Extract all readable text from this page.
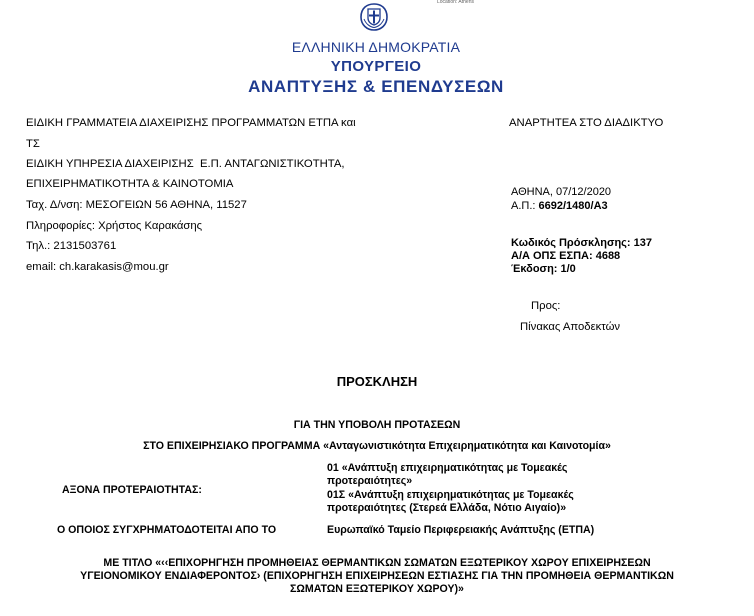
Location: Athens
ΕΛΛΗΝΙΚΗ ΔΗΜΟΚΡΑΤΙΑ
ΥΠΟΥΡΓΕΙΟ
ΑΝΑΠΤΥΞΗΣ & ΕΠΕΝΔΥΣΕΩΝ
ΕΙΔΙΚΗ ΓΡΑΜΜΑΤΕΙΑ ΔΙΑΧΕΙΡΙΣΗΣ ΠΡΟΓΡΑΜΜΑΤΩΝ ΕΤΠΑ και
ΤΣ
ΕΙΔΙΚΗ ΥΠΗΡΕΣΙΑ ΔΙΑΧΕΙΡΙΣΗΣ  Ε.Π. ΑΝΤΑΓΩΝΙΣΤΙΚΟΤΗΤΑ,
ΕΠΙΧΕΙΡΗΜΑΤΙΚΟΤΗΤΑ & ΚΑΙΝΟΤΟΜΙΑ
Ταχ. Δ/νση: ΜΕΣΟΓΕΙΩΝ 56 ΑΘΗΝΑ, 11527
Πληροφορίες: Χρήστος Καρακάσης
Τηλ.: 2131503761
email: ch.karakasis@mou.gr
ΑΝΑΡΤΗΤΕΑ ΣΤΟ ΔΙΑΔΙΚΤΥΟ
ΑΘΗΝΑ, 07/12/2020
Α.Π.: 6692/1480/Α3
Κωδικός Πρόσκλησης: 137
Α/Α ΟΠΣ ΕΣΠΑ: 4688
Έκδοση: 1/0
Προς:
Πίνακας Αποδεκτών
ΠΡΟΣΚΛΗΣΗ
ΓΙΑ ΤΗΝ ΥΠΟΒΟΛΗ ΠΡΟΤΑΣΕΩΝ
ΣΤΟ ΕΠΙΧΕΙΡΗΣΙΑΚΟ ΠΡΟΓΡΑΜΜΑ «Ανταγωνιστικότητα Επιχειρηματικότητα και Καινοτομία»
ΑΞΟΝΑ ΠΡΟΤΕΡΑΙΟΤΗΤΑΣ:
01 «Ανάπτυξη επιχειρηματικότητας με Τομεακές
προτεραιότητες»
01Σ «Ανάπτυξη επιχειρηματικότητας με Τομεακές
προτεραιότητες (Στερεά Ελλάδα, Νότιο Αιγαίο)»
Ο ΟΠΟΙΟΣ ΣΥΓΧΡΗΜΑΤΟΔΟΤΕΙΤΑΙ ΑΠΟ ΤΟ	Ευρωπαϊκό Ταμείο Περιφερειακής Ανάπτυξης (ΕΤΠΑ)
ΜΕ ΤΙΤΛΟ «‹‹ΕΠΙΧΟΡΗΓΗΣΗ ΠΡΟΜΗΘΕΙΑΣ ΘΕΡΜΑΝΤΙΚΩΝ ΣΩΜΑΤΩΝ ΕΞΩΤΕΡΙΚΟΥ ΧΩΡΟΥ ΕΠΙΧΕΙΡΗΣΕΩΝ
ΥΓΕΙΟΝΟΜΙΚΟΥ ΕΝΔΙΑΦΕΡΟΝΤΟΣ› (ΕΠΙΧΟΡΗΓΗΣΗ ΕΠΙΧΕΙΡΗΣΕΩΝ ΕΣΤΙΑΣΗΣ ΓΙΑ ΤΗΝ ΠΡΟΜΗΘΕΙΑ ΘΕΡΜΑΝΤΙΚΩΝ
ΣΩΜΑΤΩΝ ΕΞΩΤΕΡΙΚΟΥ ΧΩΡΟΥ)»
